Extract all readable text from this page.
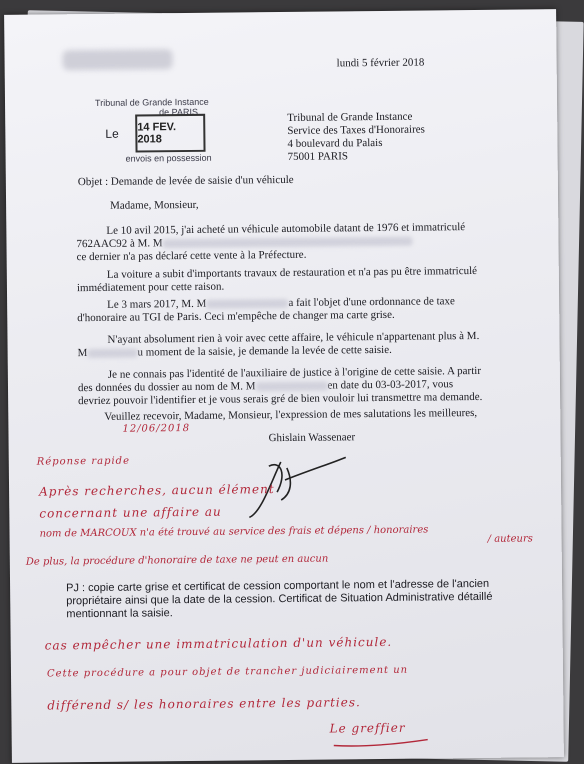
lundi 5 février 2018
Tribunal de Grande Instance
de PARIS
Le 14 FEV. 2018
envois en possession
Tribunal de Grande Instance
Service des Taxes d'Honoraires
4 boulevard du Palais
75001 PARIS
Objet : Demande de levée de saisie d'un véhicule
Madame, Monsieur,
Le 10 avil 2015, j'ai acheté un véhicule automobile datant de 1976 et immatriculé
762AAC92 à M. M
ce dernier n'a pas déclaré cette vente à la Préfecture.
La voiture a subit d'importants travaux de restauration et n'a pas pu être immatriculé
immédiatement pour cette raison.
Le 3 mars 2017, M. M	a fait l'objet d'une ordonnance de taxe
d'honoraire au TGI de Paris. Ceci m'empêche de changer ma carte grise.
N'ayant absolument rien à voir avec cette affaire, le véhicule n'appartenant plus à M.
M	u moment de la saisie, je demande la levée de cette saisie.
Je ne connais pas l'identité de l'auxiliaire de justice à l'origine de cette saisie. A partir
des données du dossier au nom de M. M	en date du 03-03-2017, vous
devriez pouvoir l'identifier et je vous serais gré de bien vouloir lui transmettre ma demande.
Veuillez recevoir, Madame, Monsieur, l'expression de mes salutations les meilleures,
12/06/2018
Ghislain Wassenaer
Réponse rapide
Après recherches, aucun élément
concernant une affaire au
nom de MARCOUX n'a été trouvé au service des frais et dépens / honoraires	/ auteurs
De plus, la procédure d'honoraire de taxe ne peut en aucun
PJ : copie carte grise et certificat de cession comportant le nom et l'adresse de l'ancien
propriétaire ainsi que la date de la cession. Certificat de Situation Administrative détaillé
mentionnant la saisie.
cas empêcher une immatriculation d'un véhicule.
Cette procédure a pour objet de trancher judiciairement un
différend s/ les honoraires entre les parties.
Le greffier
